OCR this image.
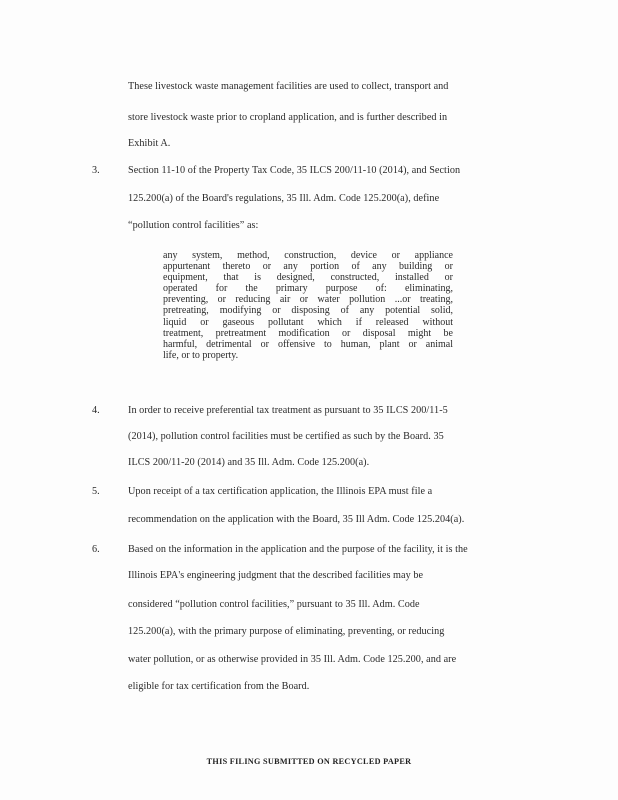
These livestock waste management facilities are used to collect, transport and
store livestock waste prior to cropland application, and is further described in
Exhibit A.
3.	Section 11-10 of the Property Tax Code, 35 ILCS 200/11-10 (2014), and Section
125.200(a) of the Board's regulations, 35 Ill. Adm. Code 125.200(a), define
“pollution control facilities” as:
any system, method, construction, device or appliance
appurtenant thereto or any portion of any building or
equipment, that is designed, constructed, installed or
operated for the primary purpose of: eliminating,
preventing, or reducing air or water pollution ...or treating,
pretreating, modifying or disposing of any potential solid,
liquid or gaseous pollutant which if released without
treatment, pretreatment modification or disposal might be
harmful, detrimental or offensive to human, plant or animal
life, or to property.
4.	In order to receive preferential tax treatment as pursuant to 35 ILCS 200/11-5
(2014), pollution control facilities must be certified as such by the Board. 35
ILCS 200/11-20 (2014) and 35 Ill. Adm. Code 125.200(a).
5.	Upon receipt of a tax certification application, the Illinois EPA must file a
recommendation on the application with the Board, 35 Ill Adm. Code 125.204(a).
6.	Based on the information in the application and the purpose of the facility, it is the
Illinois EPA's engineering judgment that the described facilities may be
considered “pollution control facilities,” pursuant to 35 Ill. Adm. Code
125.200(a), with the primary purpose of eliminating, preventing, or reducing
water pollution, or as otherwise provided in 35 Ill. Adm. Code 125.200, and are
eligible for tax certification from the Board.
THIS FILING SUBMITTED ON RECYCLED PAPER
